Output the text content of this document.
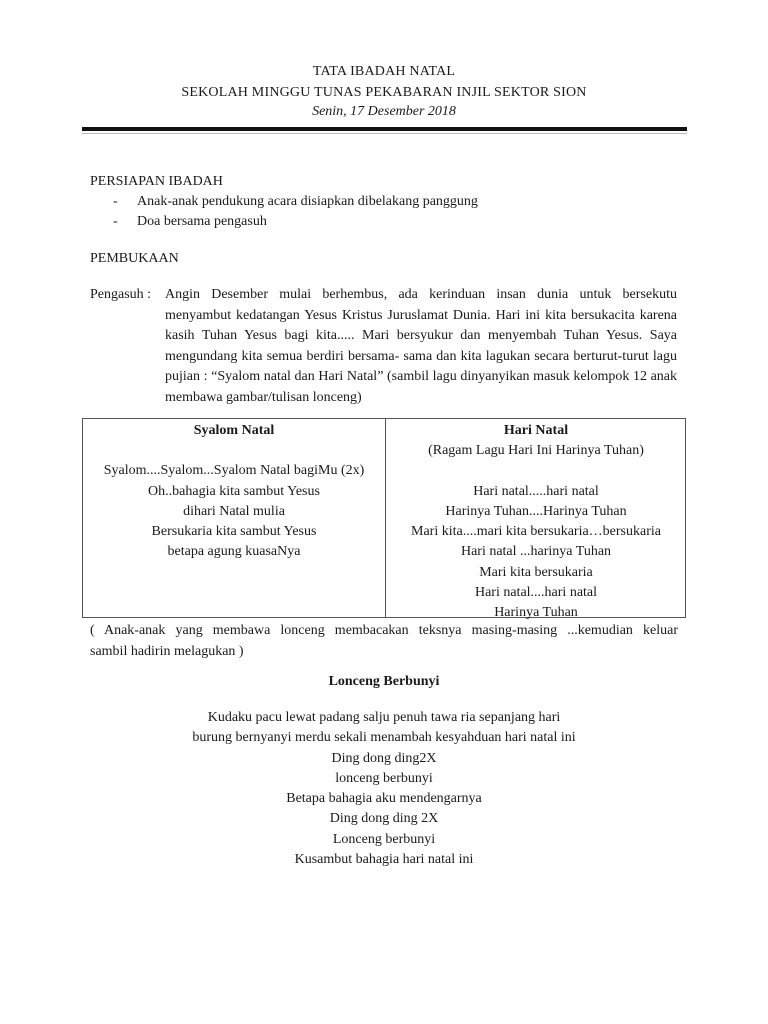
TATA IBADAH NATAL
SEKOLAH MINGGU TUNAS PEKABARAN INJIL SEKTOR SION
Senin, 17 Desember 2018
PERSIAPAN IBADAH
- Anak-anak pendukung acara disiapkan dibelakang panggung
- Doa bersama pengasuh
PEMBUKAAN
Pengasuh : Angin Desember mulai berhembus, ada kerinduan insan dunia untuk bersekutu menyambut kedatangan Yesus Kristus Juruslamat Dunia. Hari ini kita bersukacita karena kasih Tuhan Yesus bagi kita..... Mari bersyukur dan menyembah Tuhan Yesus. Saya mengundang kita semua berdiri bersama- sama dan kita lagukan secara berturut-turut lagu pujian : “Syalom natal dan Hari Natal” (sambil lagu dinyanyikan masuk kelompok 12 anak membawa gambar/tulisan lonceng)

Syalom Natal
Syalom....Syalom...Syalom Natal bagiMu (2x)
Oh..bahagia kita sambut Yesus
dihari Natal mulia
Bersukaria kita sambut Yesus
betapa agung kuasaNya
Hari Natal
(Ragam Lagu Hari Ini Harinya Tuhan)
Hari natal.....hari natal
Harinya Tuhan....Harinya Tuhan
Mari kita....mari kita bersukaria…bersukaria
Hari natal ...harinya Tuhan
Mari kita bersukaria
Hari natal....hari natal
Harinya Tuhan

( Anak-anak yang membawa lonceng membacakan teksnya masing-masing ...kemudian keluar
sambil hadirin melagukan )

Lonceng Berbunyi
Kudaku pacu lewat padang salju penuh tawa ria sepanjang hari
burung bernyanyi merdu sekali menambah kesyahduan hari natal ini
Ding dong ding2X
lonceng berbunyi
Betapa bahagia aku mendengarnya
Ding dong ding 2X
Lonceng berbunyi
Kusambut bahagia hari natal ini
